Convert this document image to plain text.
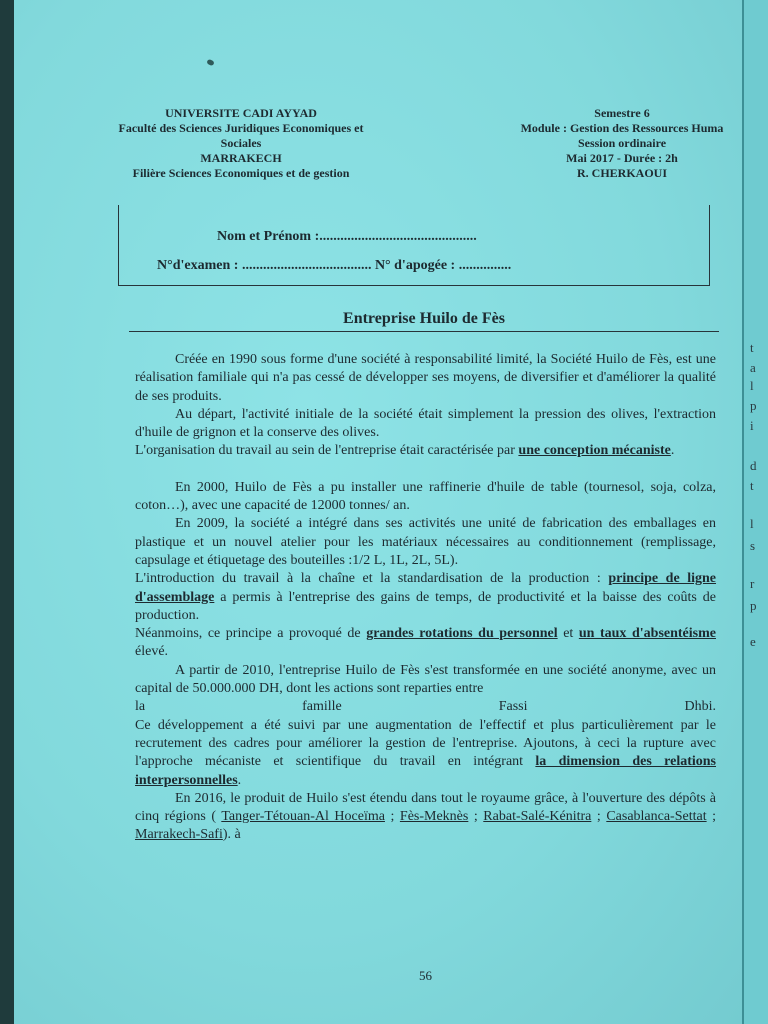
UNIVERSITE CADI AYYAD
Faculté des Sciences Juridiques Economiques et
Sociales
MARRAKECH
Filière Sciences Economiques et de gestion
Semestre 6
Module : Gestion des Ressources Huma
Session ordinaire
Mai 2017 - Durée : 2h
R. CHERKAOUI
Nom et Prénom :.............................................
N°d'examen : ..................................... N° d'apogée : ...............
Entreprise Huilo de Fès

Créée en 1990 sous forme d'une société à responsabilité limité, la Société Huilo de Fès, est une réalisation familiale qui n'a pas cessé de développer ses moyens, de diversifier et d'améliorer la qualité de ses produits.

Au départ, l'activité initiale de la société était simplement la pression des olives, l'extraction d'huile de grignon et la conserve des olives.

L'organisation du travail au sein de l'entreprise était caractérisée par une conception mécaniste.

En 2000, Huilo de Fès a pu installer une raffinerie d'huile de table (tournesol, soja, colza, coton…), avec une capacité de 12000 tonnes/ an.

En 2009, la société a intégré dans ses activités une unité de fabrication des emballages en plastique et un nouvel atelier pour les matériaux nécessaires au conditionnement (remplissage, capsulage et étiquetage des bouteilles :1/2 L, 1L, 2L, 5L).

L'introduction du travail à la chaîne et la standardisation de la production : principe de ligne d'assemblage a permis à l'entreprise des gains de temps, de productivité et la baisse des coûts de production.

Néanmoins, ce principe a provoqué de grandes rotations du personnel et un taux d'absentéisme élevé.

A partir de 2010, l'entreprise Huilo de Fès s'est transformée en une société anonyme, avec un capital de 50.000.000 DH, dont les actions sont reparties entre

la	famille	Fassi	Dhbi.

Ce développement a été suivi par une augmentation de l'effectif et plus particulièrement par le recrutement des cadres pour améliorer la gestion de l'entreprise. Ajoutons, à ceci la rupture avec l'approche mécaniste et scientifique du travail en intégrant la dimension des relations interpersonnelles.

En 2016, le produit de Huilo s'est étendu dans tout le royaume grâce, à l'ouverture des dépôts à cinq régions ( Tanger-Tétouan-Al Hoceïma ; Fès-Meknès ; Rabat-Salé-Kénitra ; Casablanca-Settat ; Marrakech-Safi). à

56
t
a
l
p
i
d
t
l
s
r
p
e
